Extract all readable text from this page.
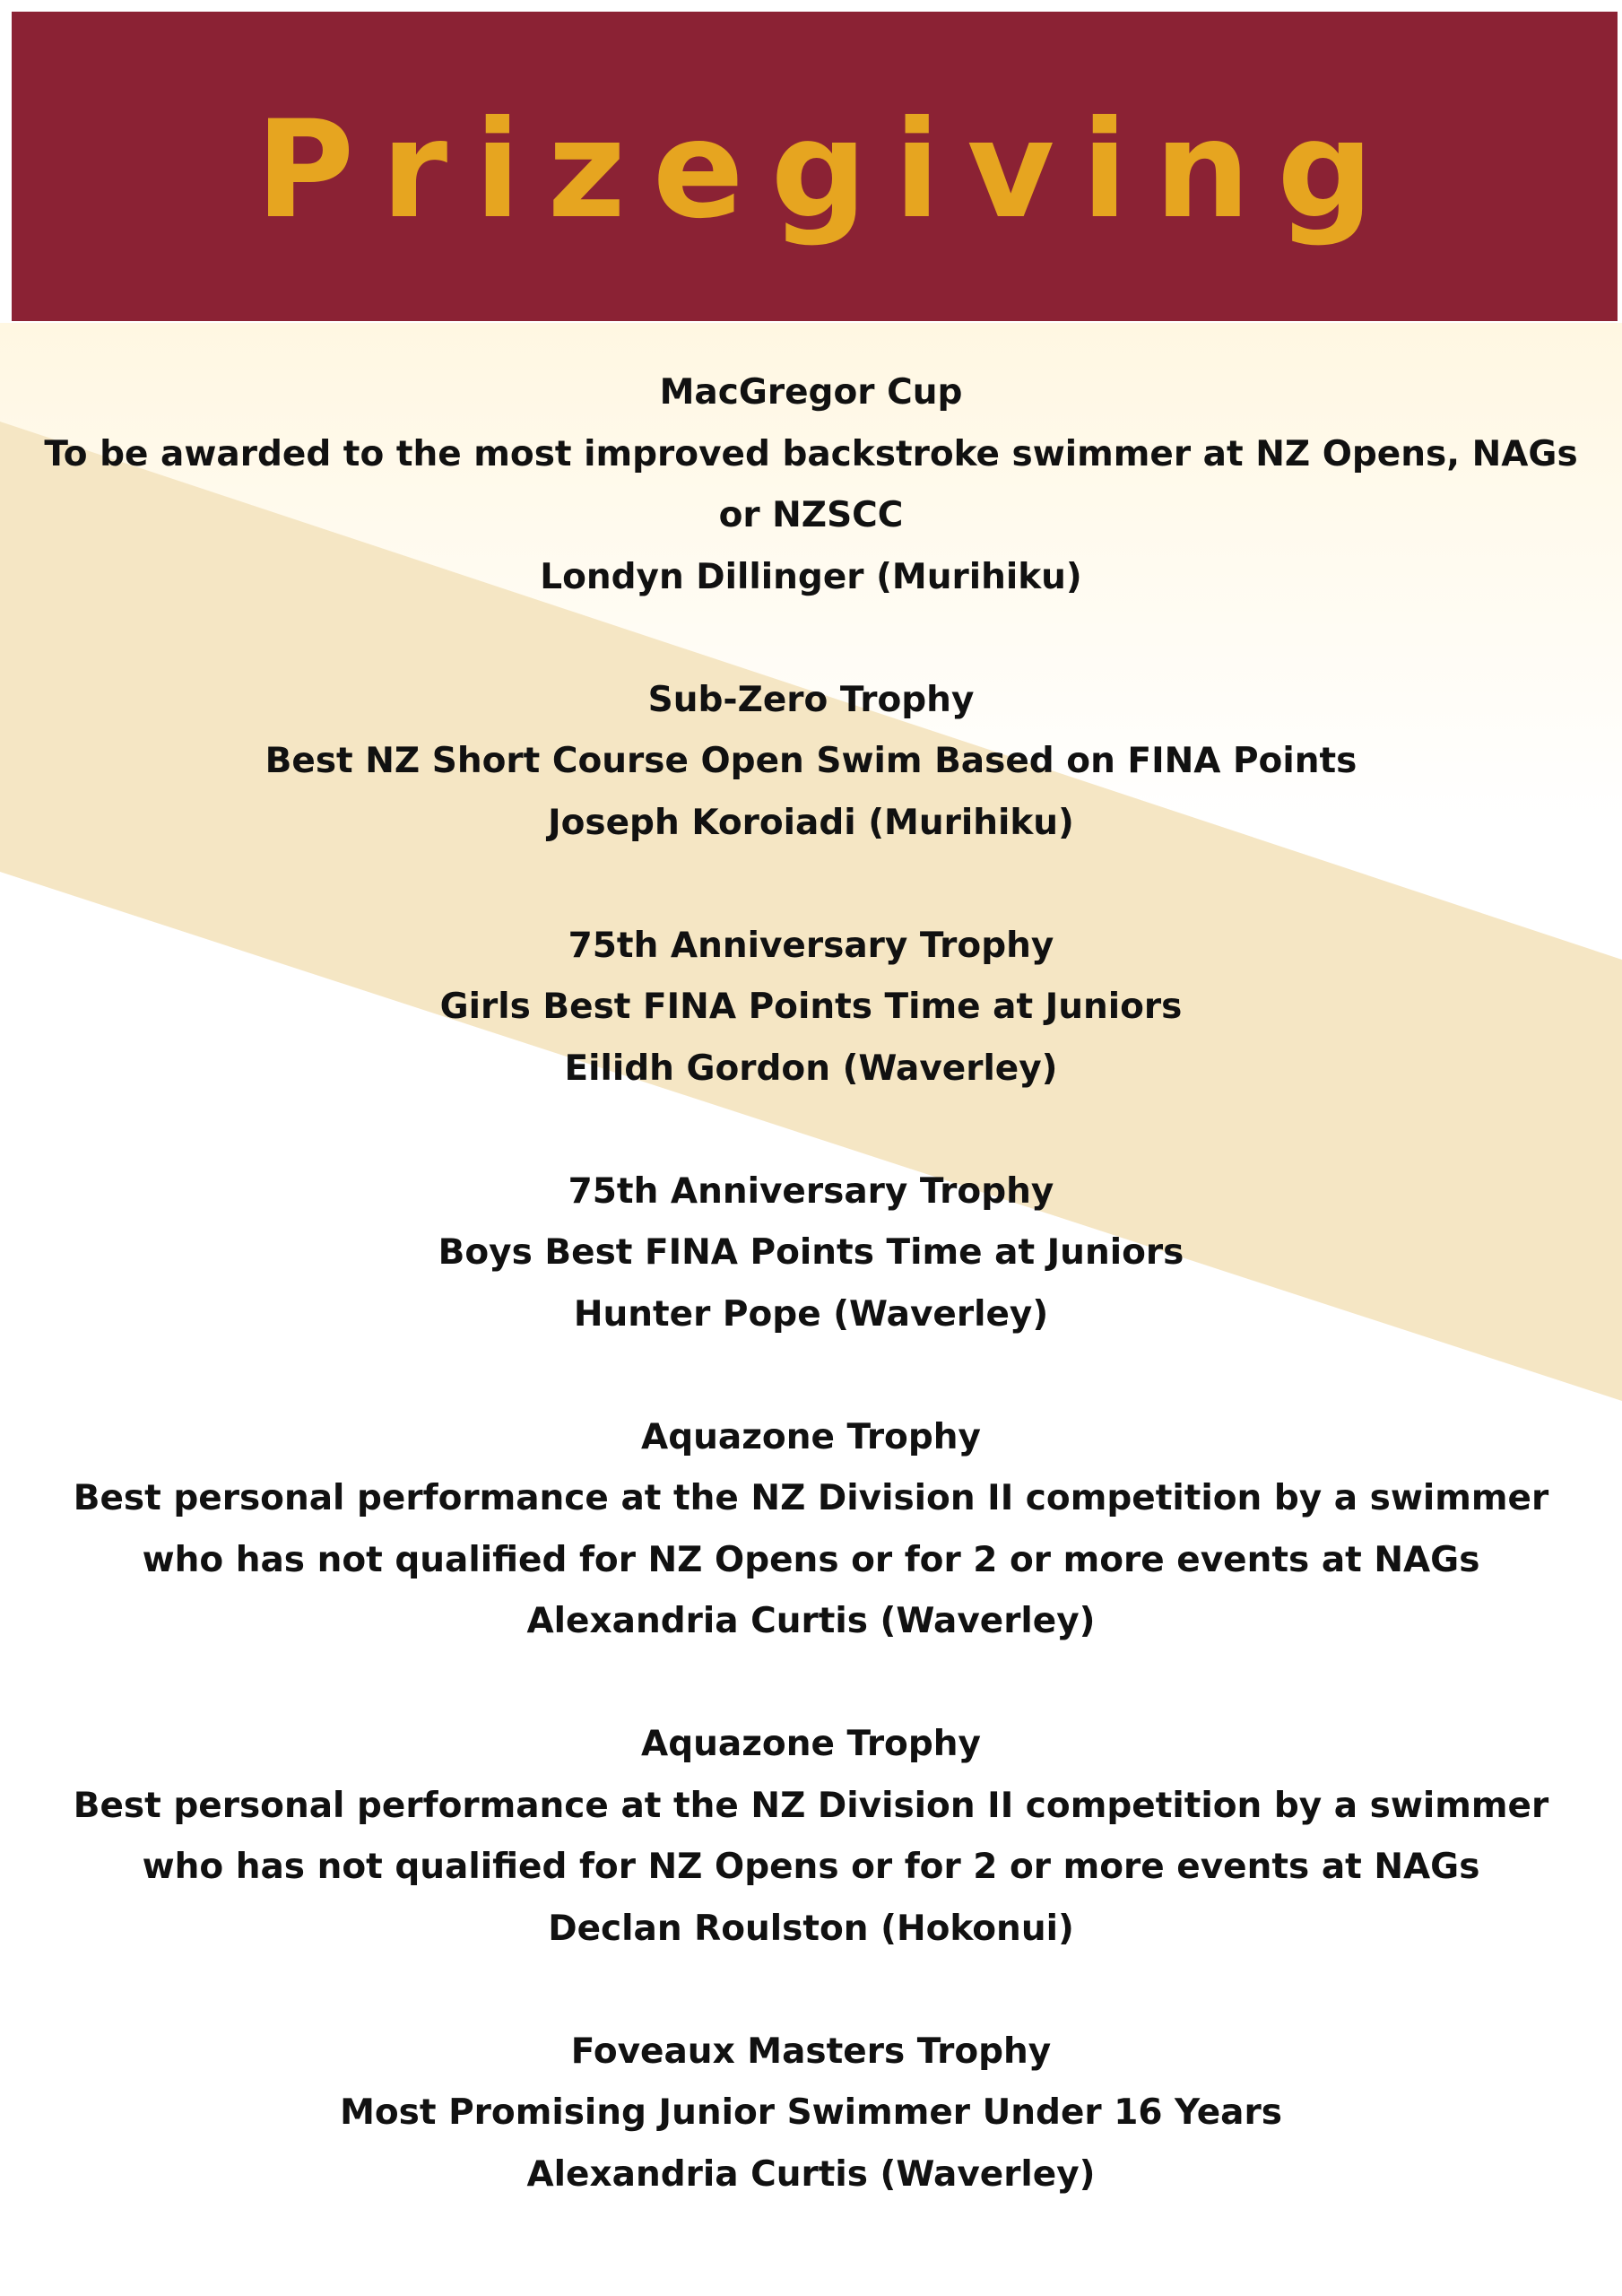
Prizegiving
MacGregor Cup
To be awarded to the most improved backstroke swimmer at NZ Opens, NAGs or NZSCC
Londyn Dillinger (Murihiku)
Sub-Zero Trophy
Best NZ Short Course Open Swim Based on FINA Points
Joseph Koroiadi (Murihiku)
75th Anniversary Trophy
Girls Best FINA Points Time at Juniors
Eilidh Gordon (Waverley)
75th Anniversary Trophy
Boys Best FINA Points Time at Juniors
Hunter Pope (Waverley)
Aquazone Trophy
Best personal performance at the NZ Division II competition by a swimmer who has not qualified for NZ Opens or for 2 or more events at NAGs
Alexandria Curtis (Waverley)
Aquazone Trophy
Best personal performance at the NZ Division II competition by a swimmer who has not qualified for NZ Opens or for 2 or more events at NAGs
Declan Roulston (Hokonui)
Foveaux Masters Trophy
Most Promising Junior Swimmer Under 16 Years
Alexandria Curtis (Waverley)
